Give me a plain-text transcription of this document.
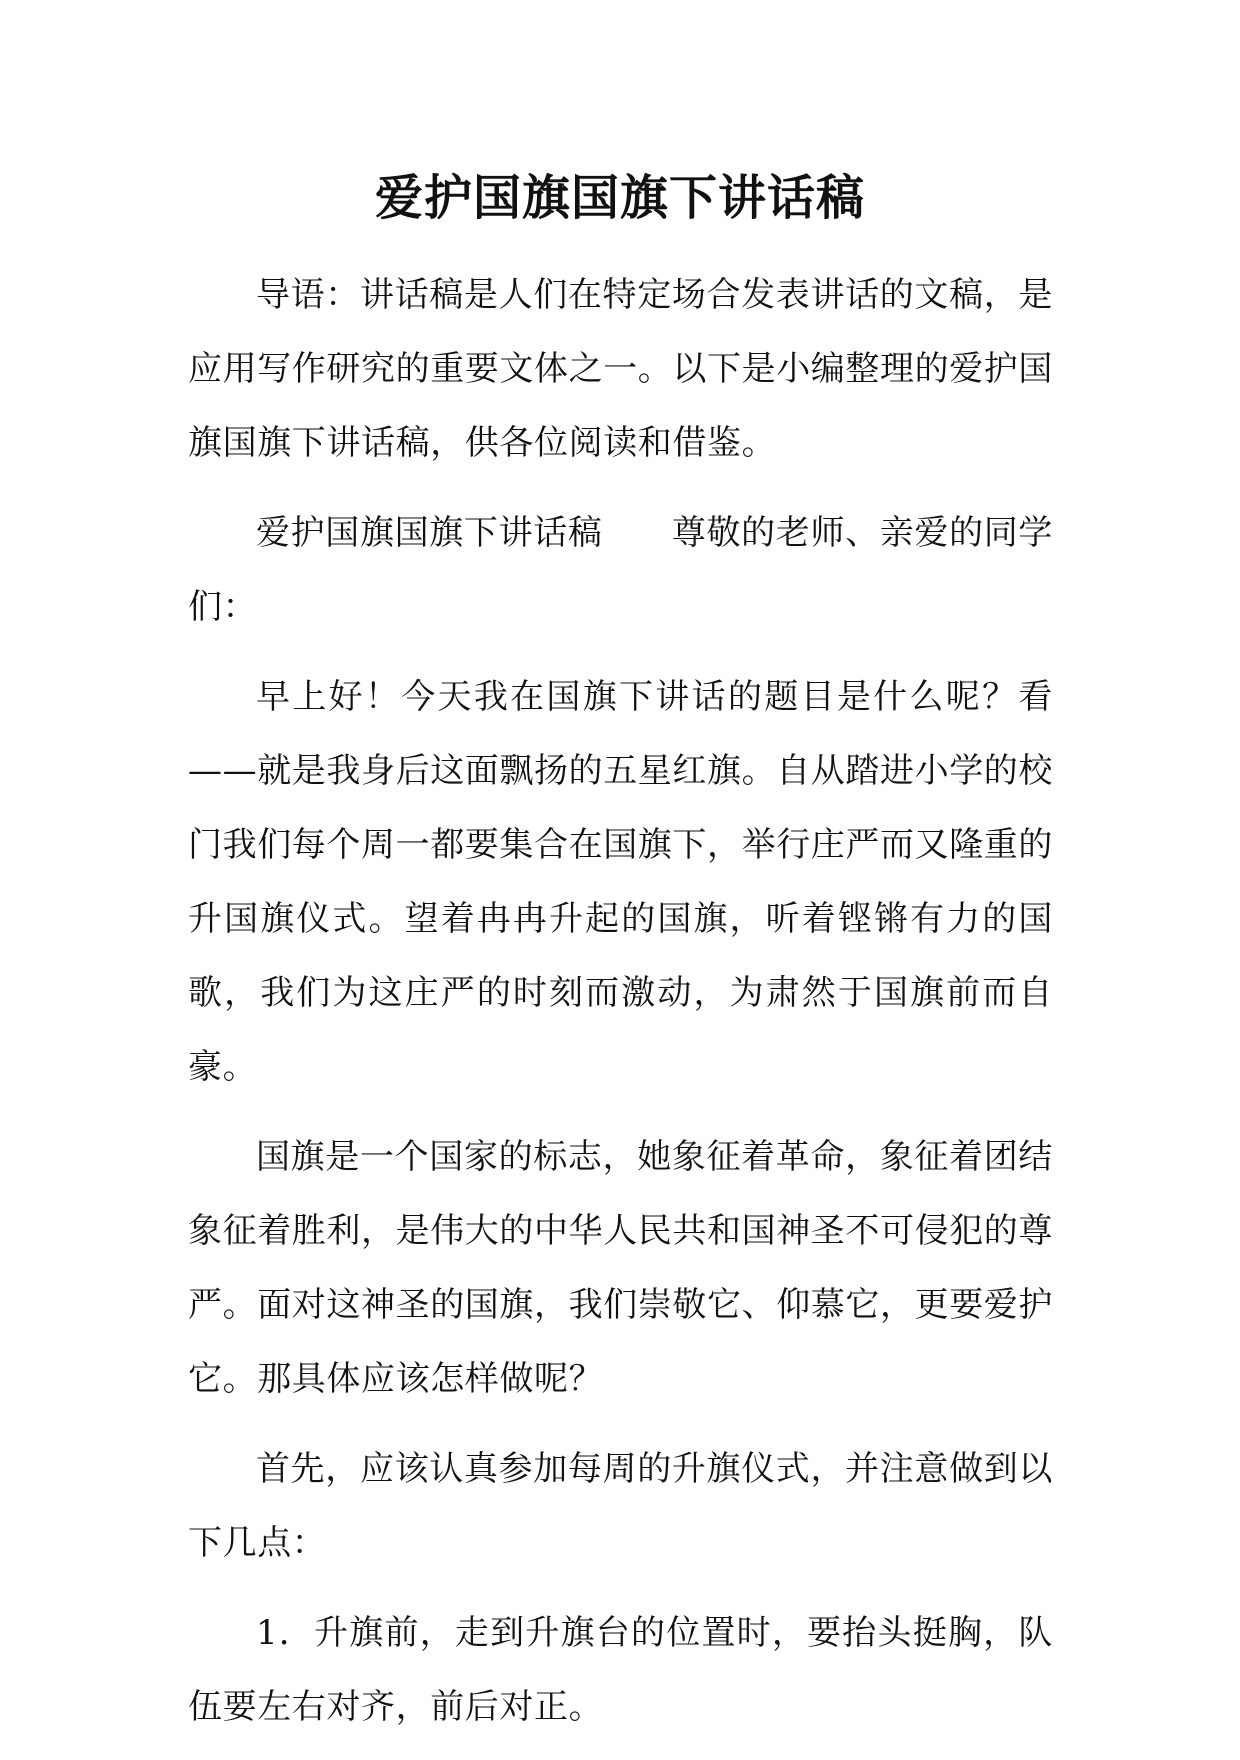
爱护国旗国旗下讲话稿

导语：讲话稿是人们在特定场合发表讲话的文稿，是应用写作研究的重要文体之一。以下是小编整理的爱护国旗国旗下讲话稿，供各位阅读和借鉴。

爱护国旗国旗下讲话稿　　尊敬的老师、亲爱的同学们：

早上好！今天我在国旗下讲话的题目是什么呢？看——就是我身后这面飘扬的五星红旗。自从踏进小学的校门我们每个周一都要集合在国旗下，举行庄严而又隆重的升国旗仪式。望着冉冉升起的国旗，听着铿锵有力的国歌，我们为这庄严的时刻而激动，为肃然于国旗前而自豪。

国旗是一个国家的标志，她象征着革命，象征着团结象征着胜利，是伟大的中华人民共和国神圣不可侵犯的尊严。面对这神圣的国旗，我们崇敬它、仰慕它，更要爱护它。那具体应该怎样做呢？

首先，应该认真参加每周的升旗仪式，并注意做到以下几点：

1．升旗前，走到升旗台的位置时，要抬头挺胸，队伍要左右对齐，前后对正。
